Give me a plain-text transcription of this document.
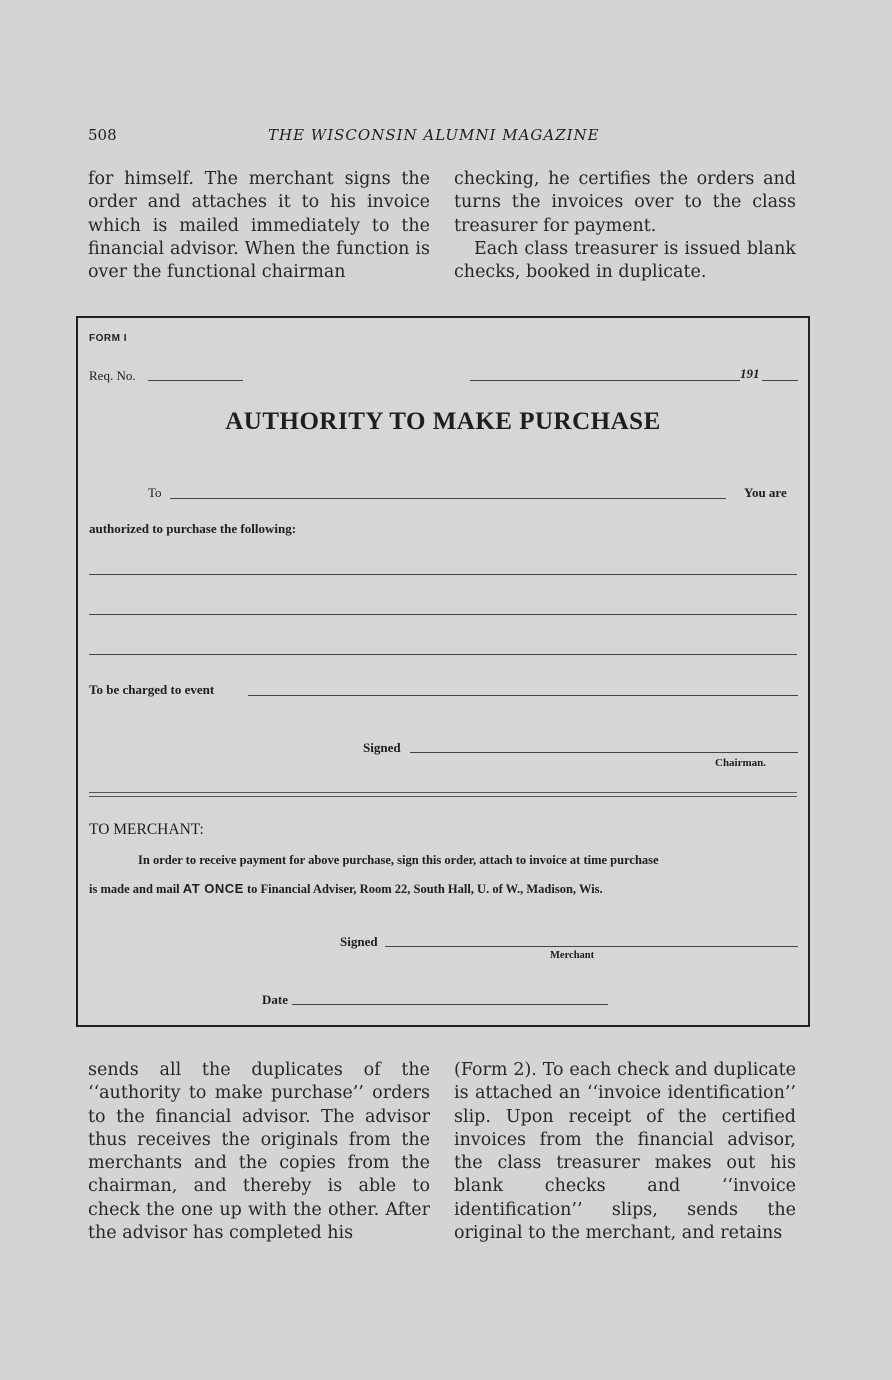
508	THE WISCONSIN ALUMNI MAGAZINE

for himself. The merchant signs the order and attaches it to his invoice which is mailed immediately to the financial advisor. When the function is over the functional chairman

checking, he certifies the orders and turns the invoices over to the class treasurer for payment.

Each class treasurer is issued blank checks, booked in duplicate.

FORM I
Req. No.	191
AUTHORITY TO MAKE PURCHASE
To	You are
authorized to purchase the following:
To be charged to event
Signed
Chairman.
TO MERCHANT:
In order to receive payment for above purchase, sign this order, attach to invoice at time purchase
is made and mail AT ONCE to Financial Adviser, Room 22, South Hall, U. of W., Madison, Wis.
Signed
Merchant
Date

sends all the duplicates of the ‘‘authority to make purchase’’ orders to the financial advisor. The advisor thus receives the originals from the merchants and the copies from the chairman, and thereby is able to check the one up with the other. After the advisor has completed his

(Form 2). To each check and duplicate is attached an ‘‘invoice identification’’ slip. Upon receipt of the certified invoices from the financial advisor, the class treasurer makes out his blank checks and ‘‘invoice identification’’ slips, sends the original to the merchant, and retains
